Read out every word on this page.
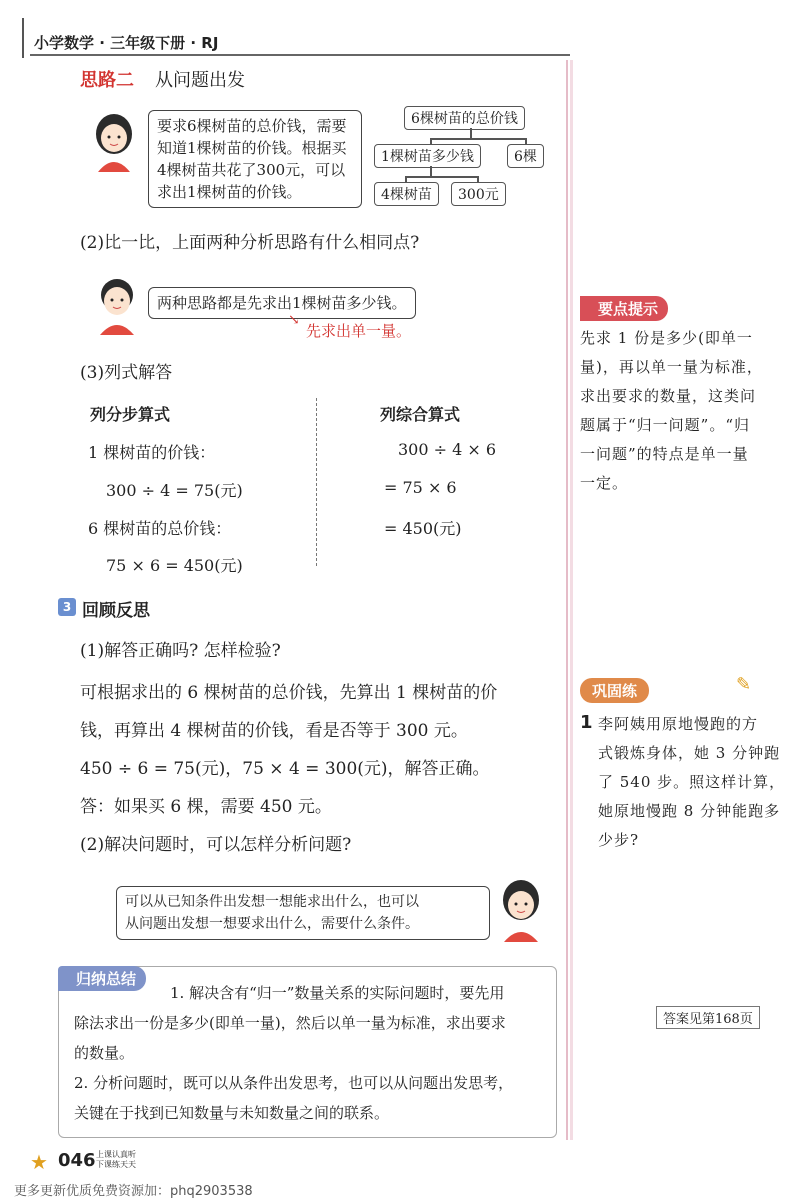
小学数学 · 三年级下册 · RJ
思路二 从问题出发
要求6棵树苗的总价钱，需要知道1棵树苗的价钱。根据买4棵树苗共花了300元，可以求出1棵树苗的价钱。
6棵树苗的总价钱
1棵树苗多少钱	6棵
4棵树苗	300元
(2)比一比，上面两种分析思路有什么相同点?
两种思路都是先求出1棵树苗多少钱。
↘
先求出单一量。
(3)列式解答
列分步算式
1 棵树苗的价钱：
300 ÷ 4 = 75(元)
6 棵树苗的总价钱：
75 × 6 = 450(元)
列综合算式
300 ÷ 4 × 6
= 75 × 6
= 450(元)
3 回顾反思
(1)解答正确吗? 怎样检验?
可根据求出的 6 棵树苗的总价钱，先算出 1 棵树苗的价
钱，再算出 4 棵树苗的价钱，看是否等于 300 元。
450 ÷ 6 = 75(元)，75 × 4 = 300(元)，解答正确。
答：如果买 6 棵，需要 450 元。
(2)解决问题时，可以怎样分析问题?
可以从已知条件出发想一想能求出什么，也可以
从问题出发想一想要求出什么，需要什么条件。
归纳总结
1. 解决含有“归一”数量关系的实际问题时，要先用
除法求出一份是多少(即单一量)，然后以单一量为标准，求出要求
的数量。
2. 分析问题时，既可以从条件出发思考，也可以从问题出发思考，
关键在于找到已知数量与未知数量之间的联系。
要点提示
先求 1 份是多少(即单一
量)，再以单一量为标准，
求出要求的数量，这类问
题属于“归一问题”。“归
一问题”的特点是单一量
一定。
巩固练	✎
1 李阿姨用原地慢跑的方
式锻炼身体，她 3 分钟跑
了 540 步。照这样计算，
她原地慢跑 8 分钟能跑多
少步?
答案见第168页
★ 046 上课认真听
下课练天天
更多更新优质免费资源加：phq2903538
